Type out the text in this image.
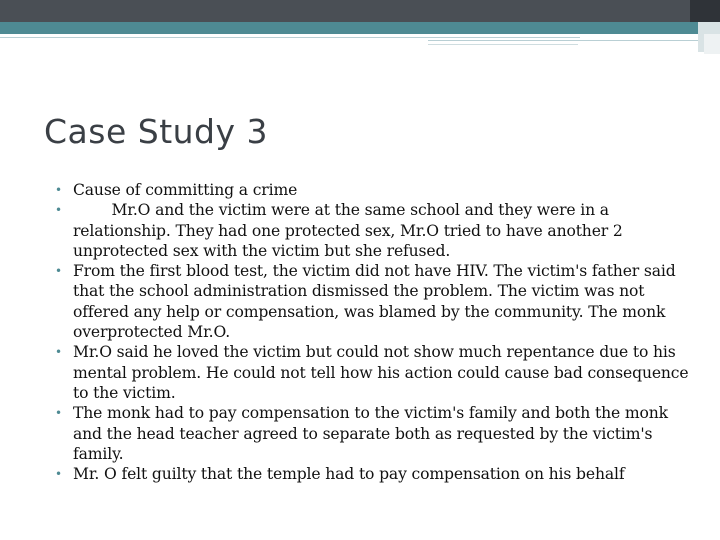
Case Study 3
• Cause of committing a crime
• Mr.O and the victim were at the same school and they were in a relationship. They had one protected sex, Mr.O tried to have another 2 unprotected sex with the victim but she refused.
• From the first blood test, the victim did not have HIV. The victim's father said that the school administration dismissed the problem. The victim was not offered any help or compensation, was blamed by the community. The monk overprotected Mr.O.
• Mr.O said he loved the victim but could not show much repentance due to his mental problem. He could not tell how his action could cause bad consequence to the victim.
• The monk had to pay compensation to the victim's family and both the monk and the head teacher agreed to separate both as requested by the victim's family.
• Mr. O felt guilty that the temple had to pay compensation on his behalf
